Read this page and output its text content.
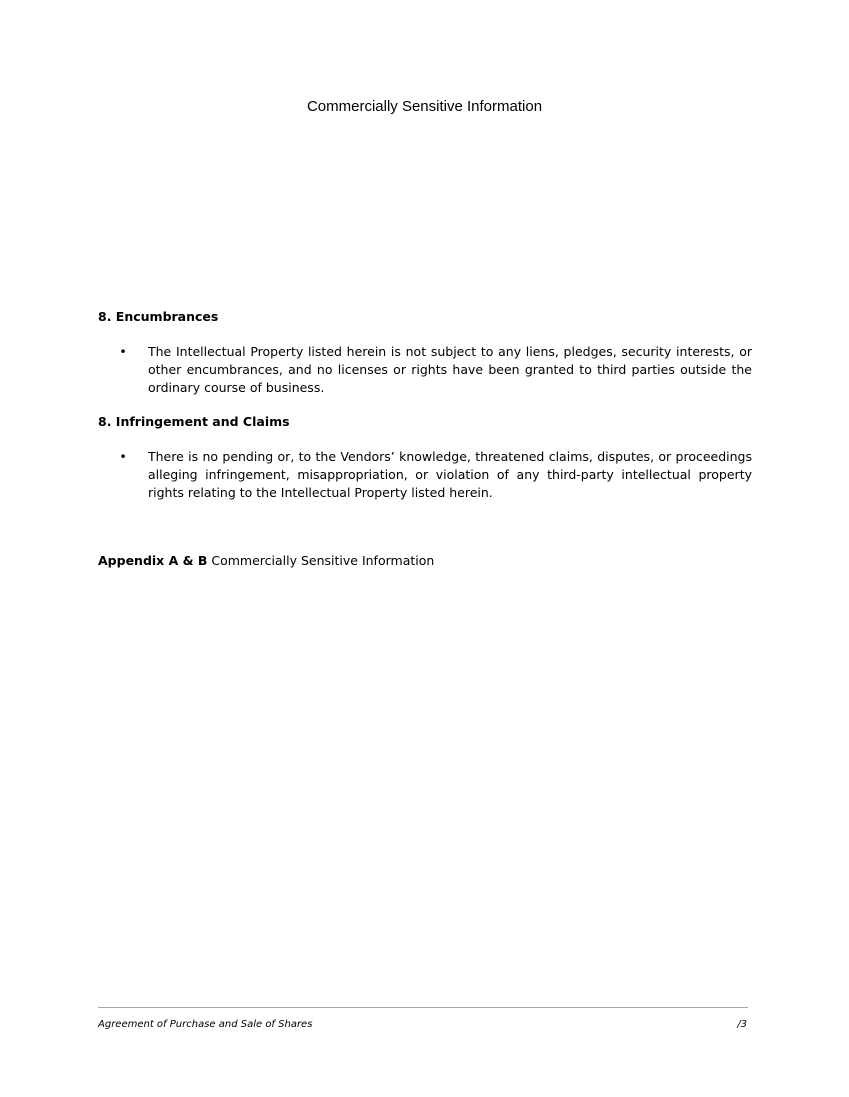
Commercially Sensitive Information
8. Encumbrances
• The Intellectual Property listed herein is not subject to any liens, pledges, security interests, or other encumbrances, and no licenses or rights have been granted to third parties outside the ordinary course of business.
8. Infringement and Claims
• There is no pending or, to the Vendors’ knowledge, threatened claims, disputes, or proceedings alleging infringement, misappropriation, or violation of any third-party intellectual property rights relating to the Intellectual Property listed herein.
Appendix A & B Commercially Sensitive Information
Agreement of Purchase and Sale of Shares	/3
